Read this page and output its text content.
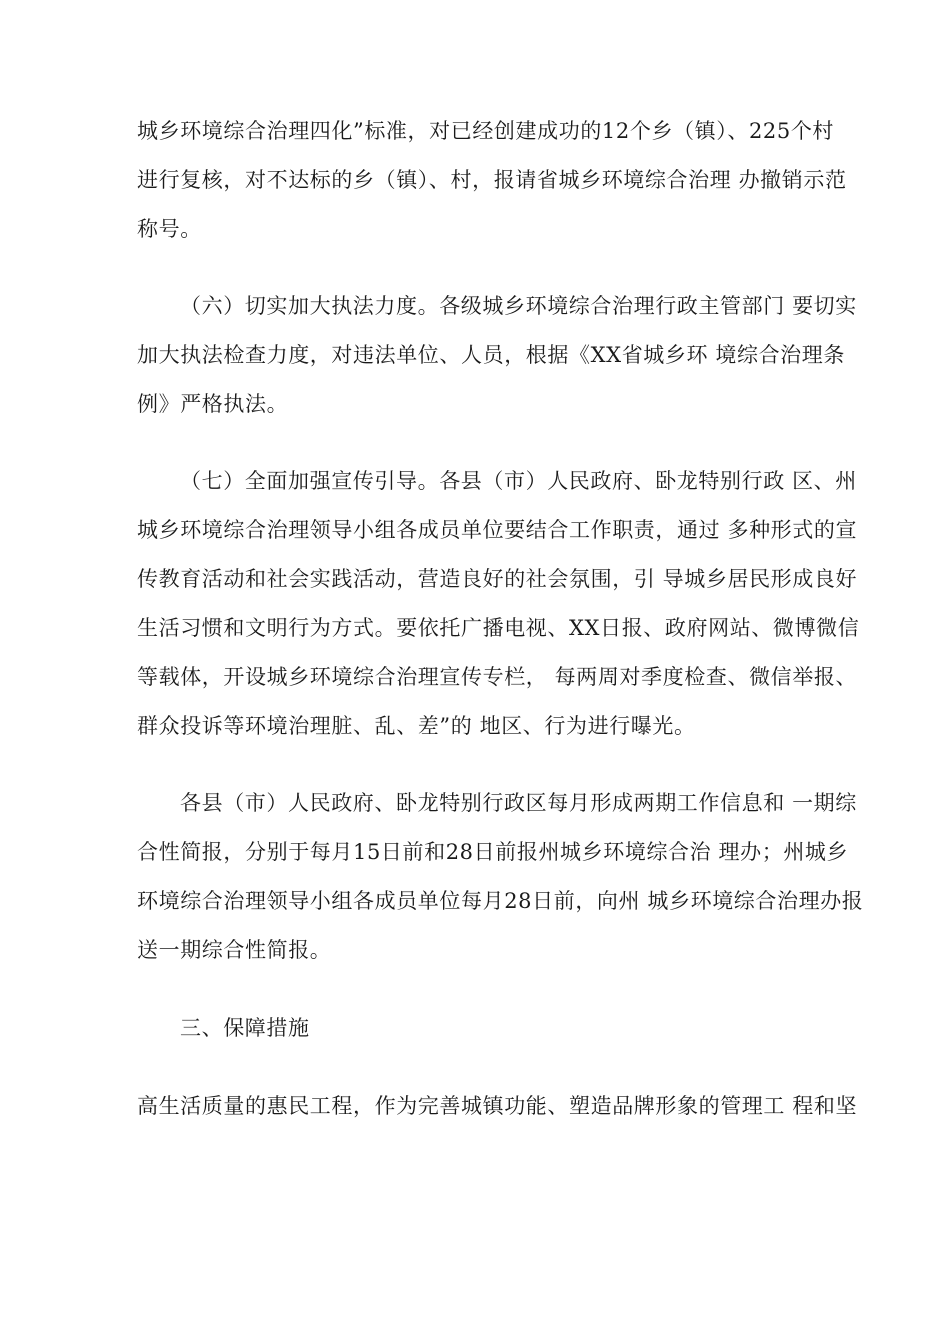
城乡环境综合治理四化”标准，对已经创建成功的12个乡（镇）、225个村
进行复核，对不达标的乡（镇）、村，报请省城乡环境综合治理 办撤销示范
称号。
（六）切实加大执法力度。各级城乡环境综合治理行政主管部门 要切实
加大执法检查力度，对违法单位、人员，根据《XX省城乡环 境综合治理条
例》严格执法。
（七）全面加强宣传引导。各县（市）人民政府、卧龙特别行政 区、州
城乡环境综合治理领导小组各成员单位要结合工作职责，通过 多种形式的宣
传教育活动和社会实践活动，营造良好的社会氛围，引 导城乡居民形成良好
生活习惯和文明行为方式。要依托广播电视、XX日报、政府网站、微博微信
等载体，开设城乡环境综合治理宣传专栏， 每两周对季度检查、微信举报、
群众投诉等环境治理脏、乱、差”的 地区、行为进行曝光。
各县（市）人民政府、卧龙特别行政区每月形成两期工作信息和 一期综
合性简报，分别于每月15日前和28日前报州城乡环境综合治 理办；州城乡
环境综合治理领导小组各成员单位每月28日前，向州 城乡环境综合治理办报
送一期综合性简报。
三、保障措施
高生活质量的惠民工程，作为完善城镇功能、塑造品牌形象的管理工 程和坚
